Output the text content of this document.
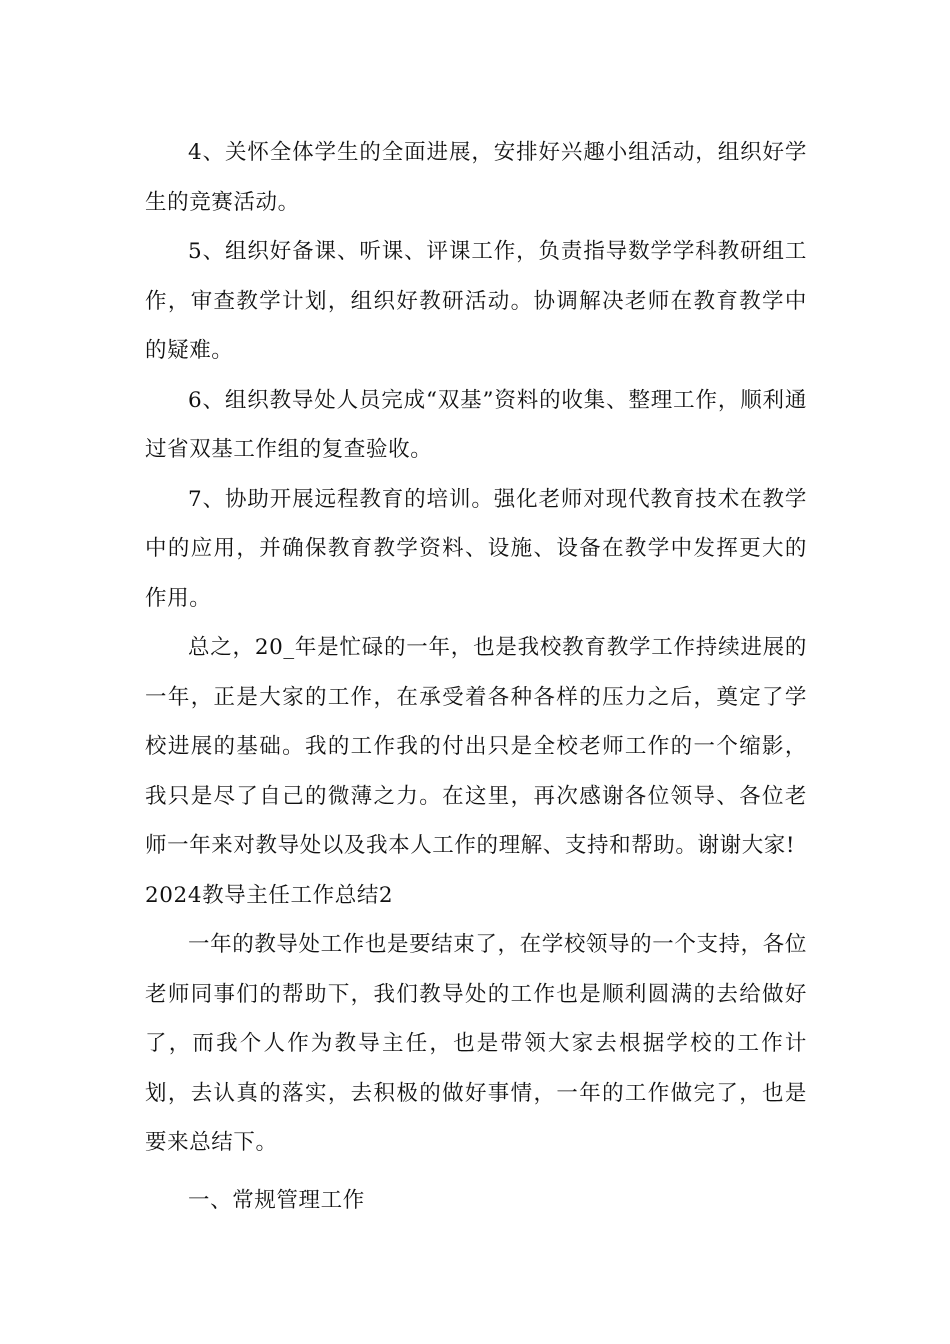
4、关怀全体学生的全面进展，安排好兴趣小组活动，组织好学生的竞赛活动。

5、组织好备课、听课、评课工作，负责指导数学学科教研组工作，审查教学计划，组织好教研活动。协调解决老师在教育教学中的疑难。

6、组织教导处人员完成“双基”资料的收集、整理工作，顺利通过省双基工作组的复查验收。

7、协助开展远程教育的培训。强化老师对现代教育技术在教学中的应用，并确保教育教学资料、设施、设备在教学中发挥更大的作用。

总之，20_年是忙碌的一年，也是我校教育教学工作持续进展的一年，正是大家的工作，在承受着各种各样的压力之后，奠定了学校进展的基础。我的工作我的付出只是全校老师工作的一个缩影，我只是尽了自己的微薄之力。在这里，再次感谢各位领导、各位老师一年来对教导处以及我本人工作的理解、支持和帮助。谢谢大家!

2024教导主任工作总结2

一年的教导处工作也是要结束了，在学校领导的一个支持，各位老师同事们的帮助下，我们教导处的工作也是顺利圆满的去给做好了，而我个人作为教导主任，也是带领大家去根据学校的工作计划，去认真的落实，去积极的做好事情，一年的工作做完了，也是要来总结下。

一、常规管理工作
